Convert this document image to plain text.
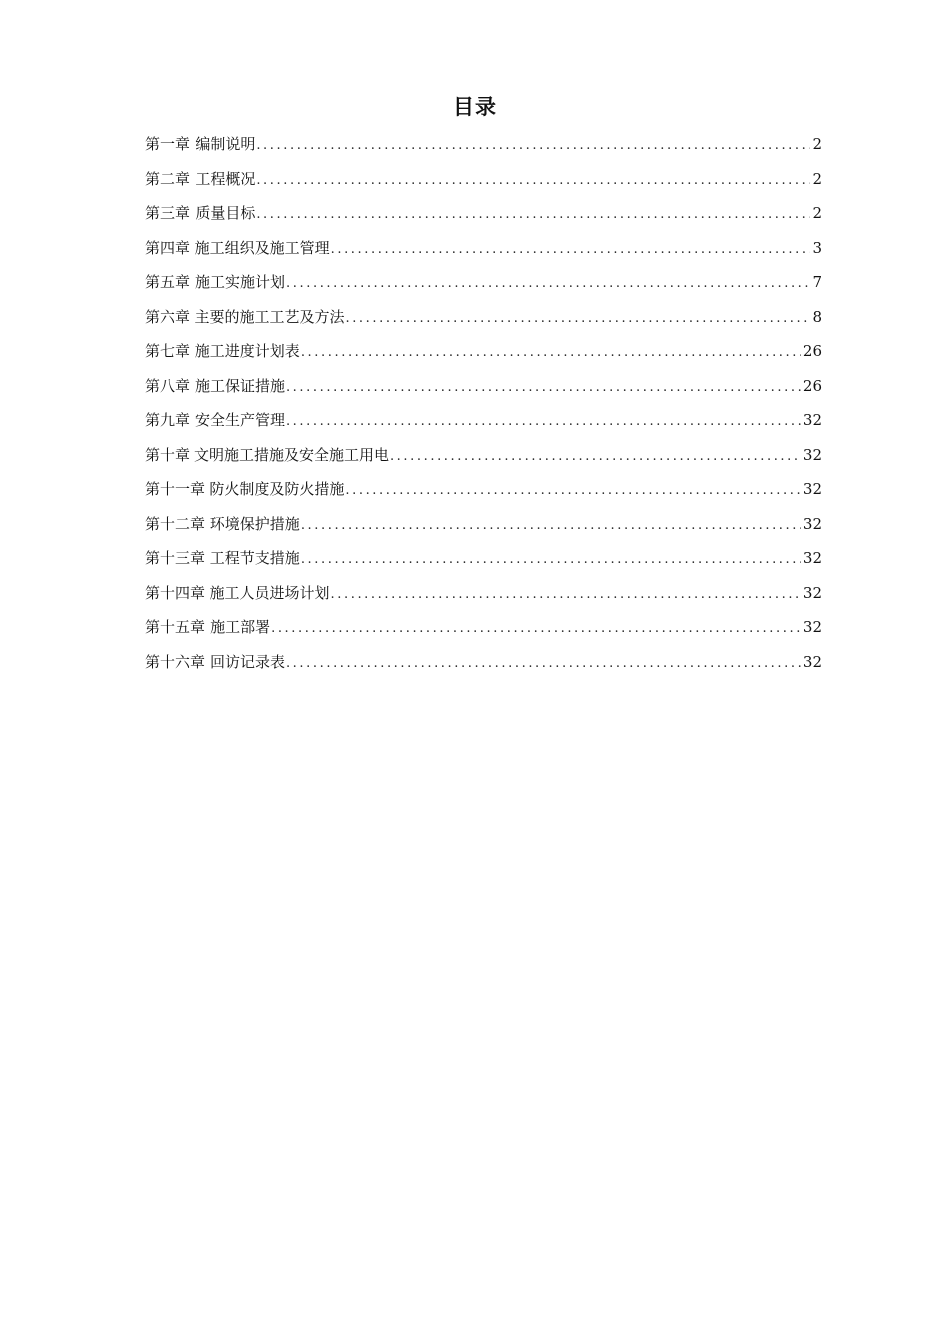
目录
第一章 编制说明 .....	2
第二章 工程概况 .....	2
第三章 质量目标 .....	2
第四章 施工组织及施工管理 .....	3
第五章 施工实施计划 .....	7
第六章 主要的施工工艺及方法 .....	8
第七章 施工进度计划表 .....	26
第八章 施工保证措施 .....	26
第九章 安全生产管理 .....	32
第十章 文明施工措施及安全施工用电 .....	32
第十一章 防火制度及防火措施 .....	32
第十二章 环境保护措施 .....	32
第十三章 工程节支措施 .....	32
第十四章 施工人员进场计划 .....	32
第十五章 施工部署 .....	32
第十六章 回访记录表 .....	32
